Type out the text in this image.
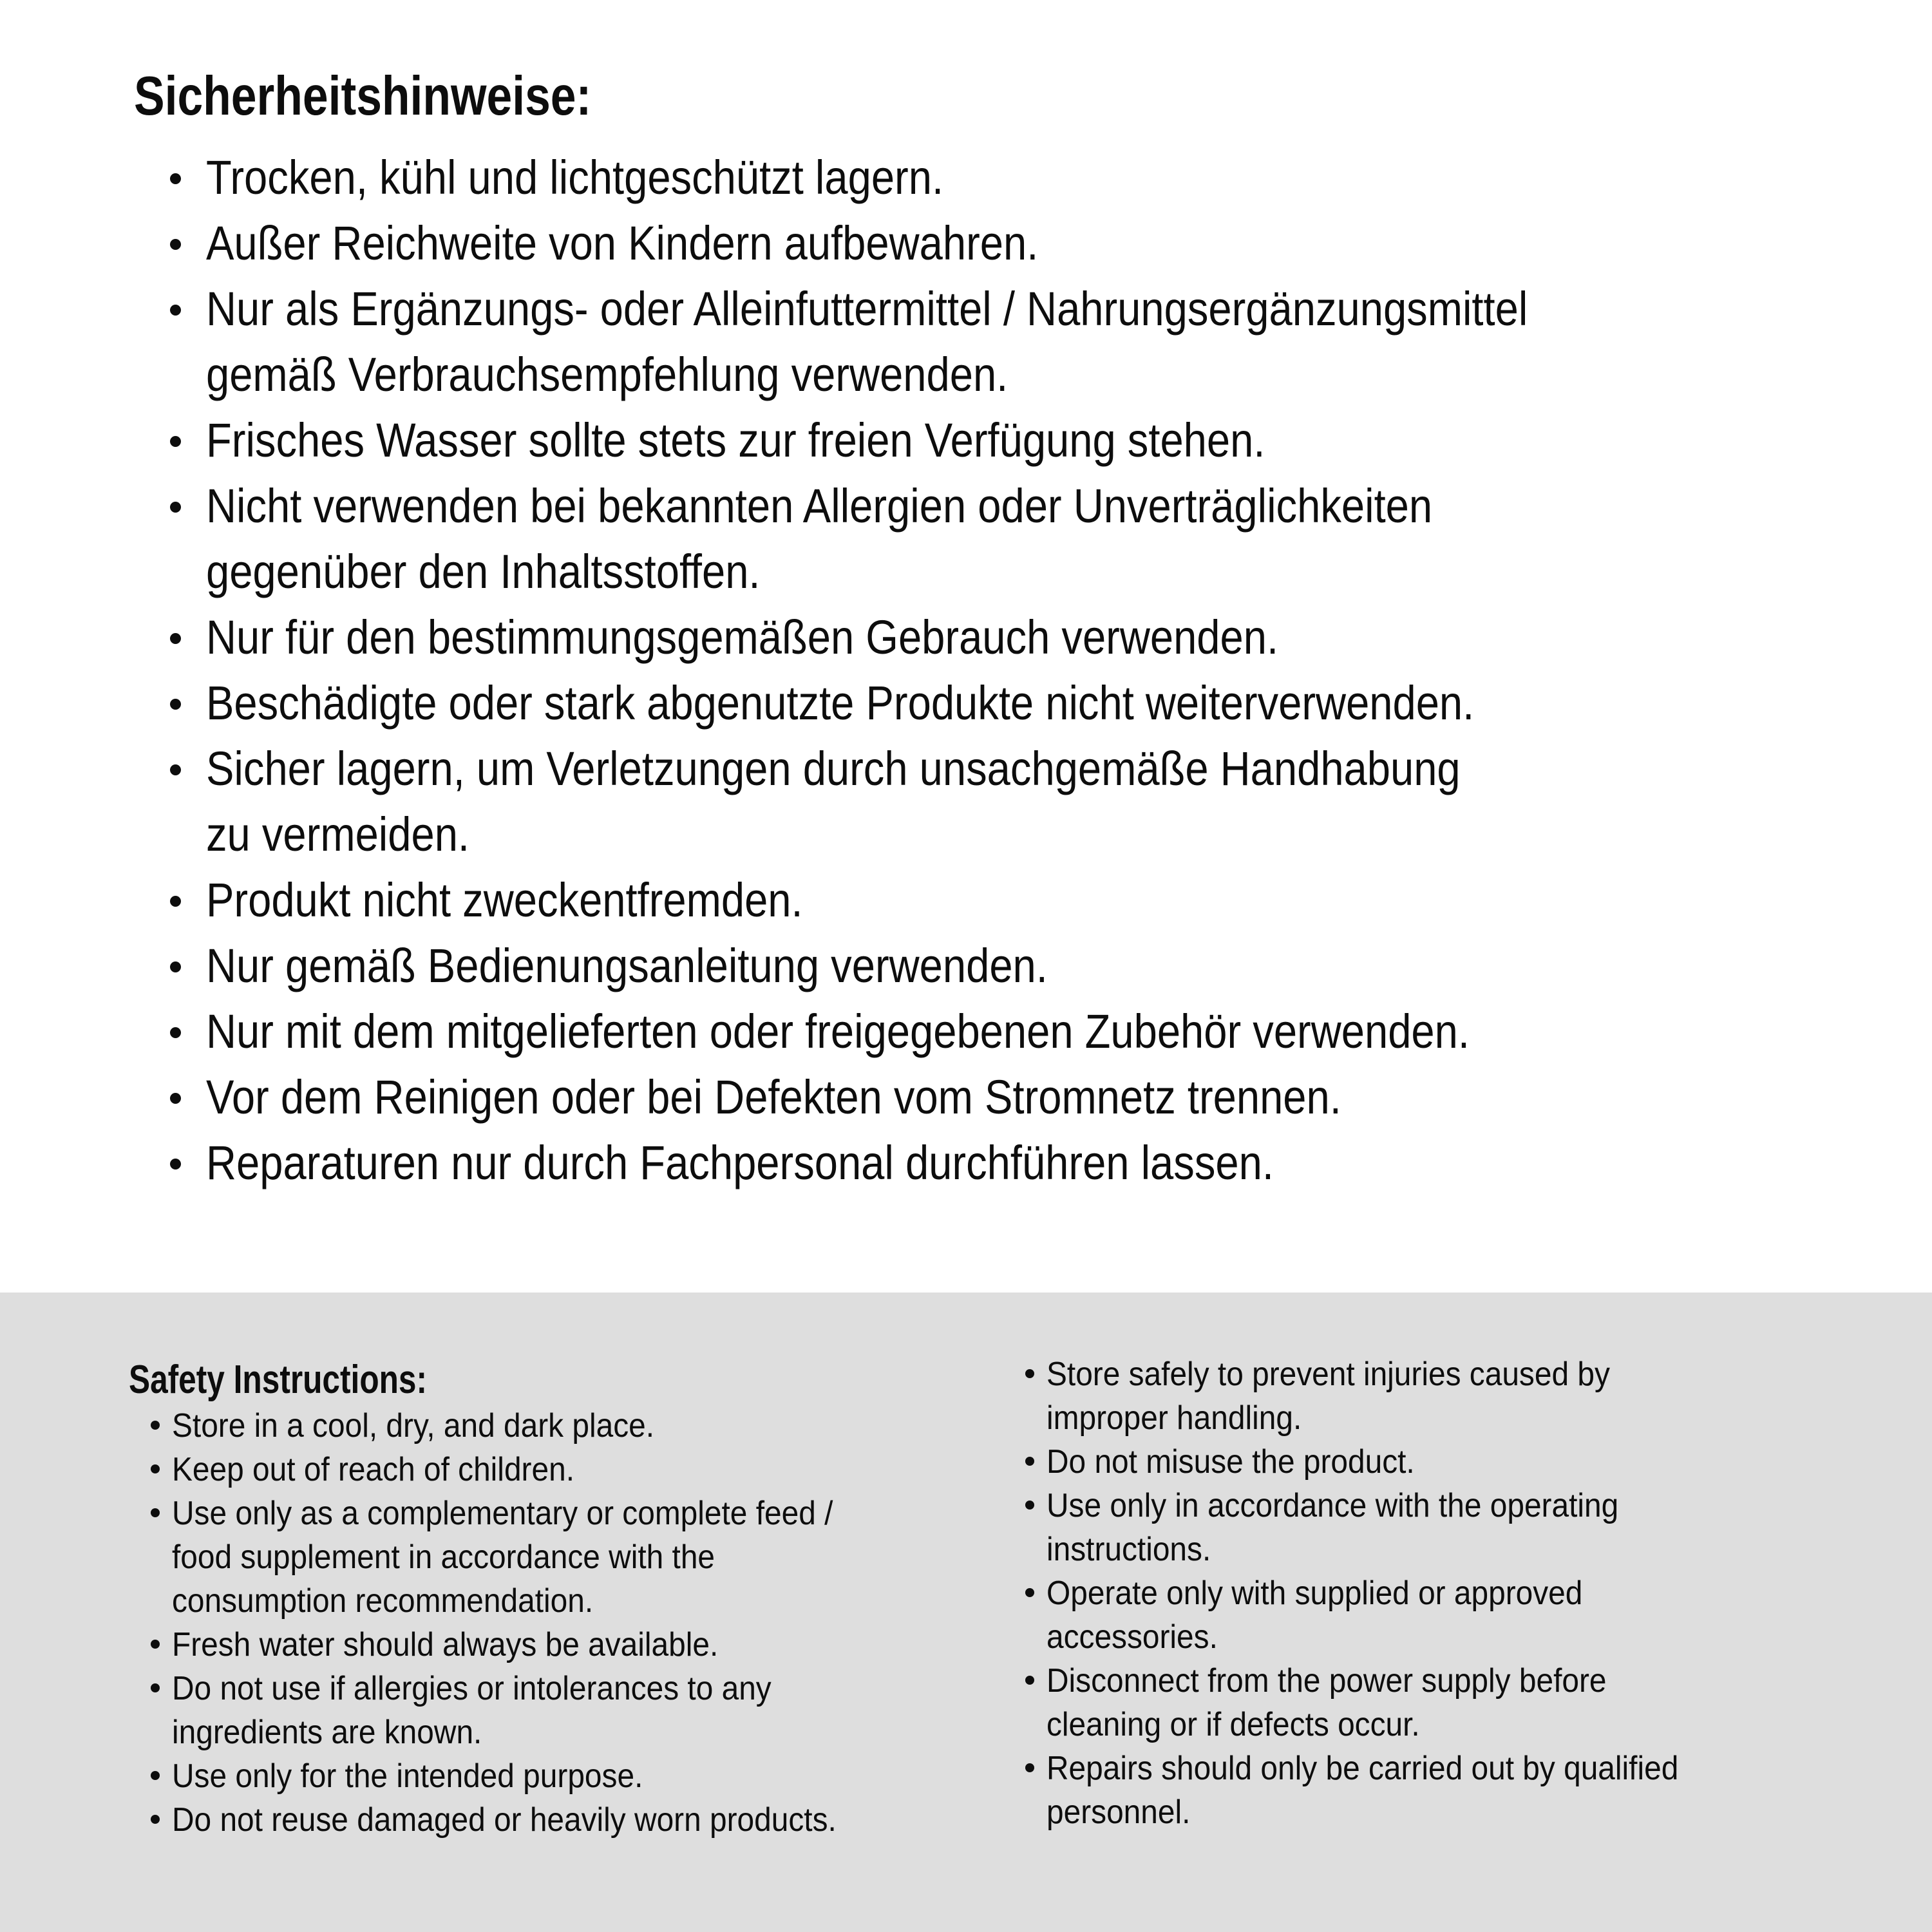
Sicherheitshinweise:
Trocken, kühl und lichtgeschützt lagern.
Außer Reichweite von Kindern aufbewahren.
Nur als Ergänzungs- oder Alleinfuttermittel / Nahrungsergänzungsmittel
gemäß Verbrauchsempfehlung verwenden.
Frisches Wasser sollte stets zur freien Verfügung stehen.
Nicht verwenden bei bekannten Allergien oder Unverträglichkeiten
gegenüber den Inhaltsstoffen.
Nur für den bestimmungsgemäßen Gebrauch verwenden.
Beschädigte oder stark abgenutzte Produkte nicht weiterverwenden.
Sicher lagern, um Verletzungen durch unsachgemäße Handhabung
zu vermeiden.
Produkt nicht zweckentfremden.
Nur gemäß Bedienungsanleitung verwenden.
Nur mit dem mitgelieferten oder freigegebenen Zubehör verwenden.
Vor dem Reinigen oder bei Defekten vom Stromnetz trennen.
Reparaturen nur durch Fachpersonal durchführen lassen.
Safety Instructions:
Store in a cool, dry, and dark place.
Keep out of reach of children.
Use only as a complementary or complete feed /
food supplement in accordance with the
consumption recommendation.
Fresh water should always be available.
Do not use if allergies or intolerances to any
ingredients are known.
Use only for the intended purpose.
Do not reuse damaged or heavily worn products.
Store safely to prevent injuries caused by
improper handling.
Do not misuse the product.
Use only in accordance with the operating
instructions.
Operate only with supplied or approved
accessories.
Disconnect from the power supply before
cleaning or if defects occur.
Repairs should only be carried out by qualified
personnel.
